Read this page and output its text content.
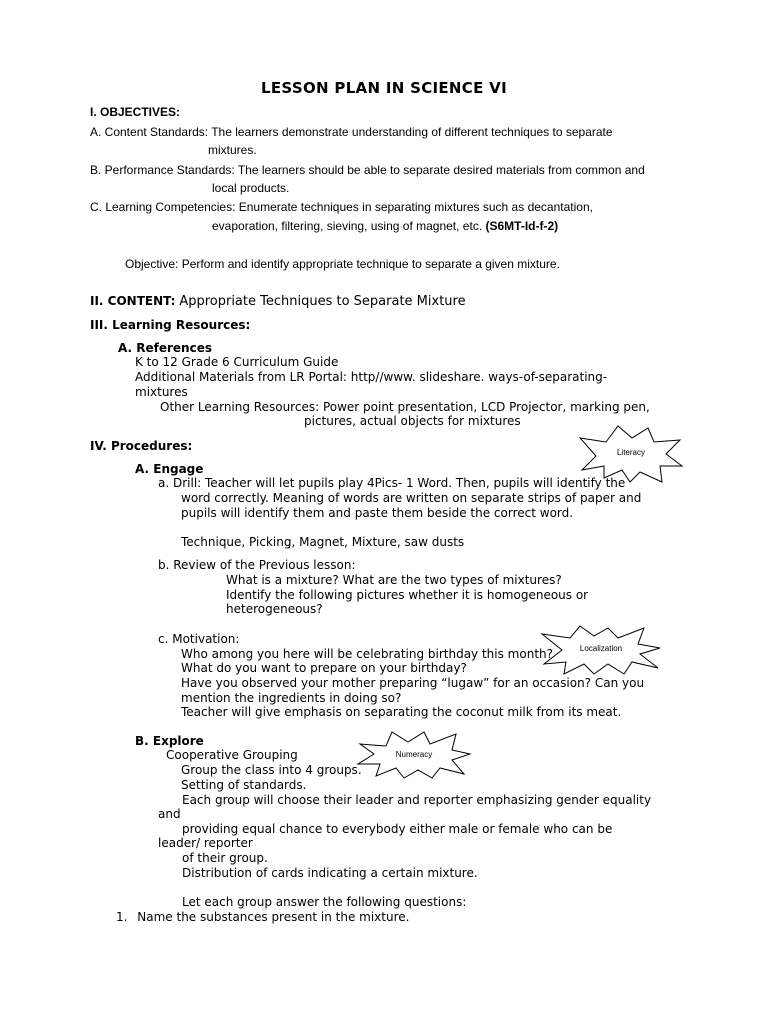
LESSON PLAN IN SCIENCE VI
I. OBJECTIVES:
A. Content Standards: The learners demonstrate understanding of different techniques to separate
mixtures.
B. Performance Standards: The learners should be able to separate desired materials from common and
local products.
C. Learning Competencies: Enumerate techniques in separating mixtures such as decantation,
evaporation, filtering, sieving, using of magnet, etc. (S6MT-Id-f-2)
Objective: Perform and identify appropriate technique to separate a given mixture.
II. CONTENT: Appropriate Techniques to Separate Mixture
III. Learning Resources:
A. References
K to 12 Grade 6 Curriculum Guide
Additional Materials from LR Portal: http//www. slideshare. ways-of-separating-
mixtures
Other Learning Resources: Power point presentation, LCD Projector, marking pen,
pictures, actual objects for mixtures
IV. Procedures:
A. Engage
a. Drill: Teacher will let pupils play 4Pics- 1 Word. Then, pupils will identify the
word correctly. Meaning of words are written on separate strips of paper and
pupils will identify them and paste them beside the correct word.
Technique, Picking, Magnet, Mixture, saw dusts
b. Review of the Previous lesson:
What is a mixture? What are the two types of mixtures?
Identify the following pictures whether it is homogeneous or
heterogeneous?
c. Motivation:
Who among you here will be celebrating birthday this month?
What do you want to prepare on your birthday?
Have you observed your mother preparing “lugaw” for an occasion? Can you
mention the ingredients in doing so?
Teacher will give emphasis on separating the coconut milk from its meat.
B. Explore
Cooperative Grouping
Group the class into 4 groups.
Setting of standards.
Each group will choose their leader and reporter emphasizing gender equality
and
providing equal chance to everybody either male or female who can be
leader/ reporter
of their group.
Distribution of cards indicating a certain mixture.
Let each group answer the following questions:
1. Name the substances present in the mixture.
Literacy
Localization
Numeracy
